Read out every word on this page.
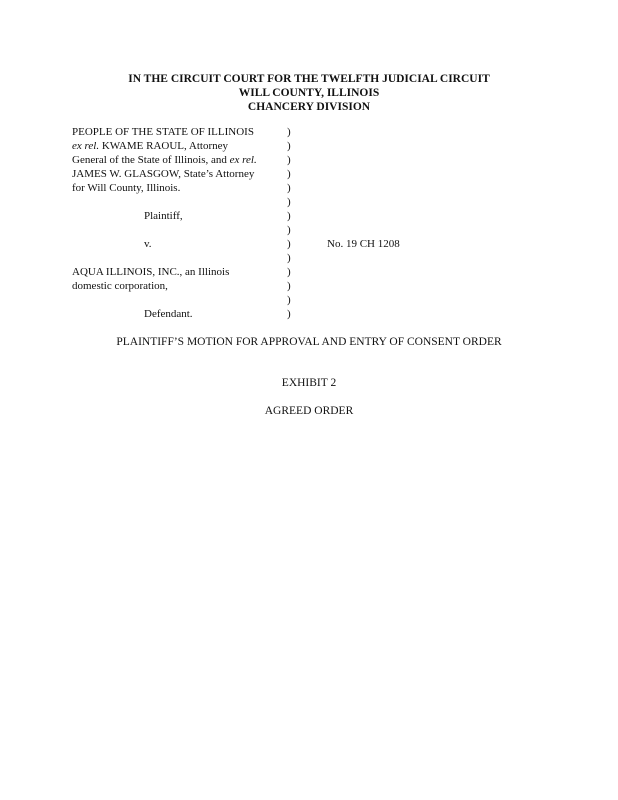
IN THE CIRCUIT COURT FOR THE TWELFTH JUDICIAL CIRCUIT
WILL COUNTY, ILLINOIS
CHANCERY DIVISION
PEOPLE OF THE STATE OF ILLINOIS
ex rel. KWAME RAOUL, Attorney
General of the State of Illinois, and ex rel.
JAMES W. GLASGOW, State’s Attorney
for Will County, Illinois.
Plaintiff,
v.
AQUA ILLINOIS, INC., an Illinois
domestic corporation,
Defendant.
)
)
)
)
)
)
)
)
)
)
)
)
)
)
No. 19 CH 1208
PLAINTIFF’S MOTION FOR APPROVAL AND ENTRY OF CONSENT ORDER
EXHIBIT 2
AGREED ORDER
